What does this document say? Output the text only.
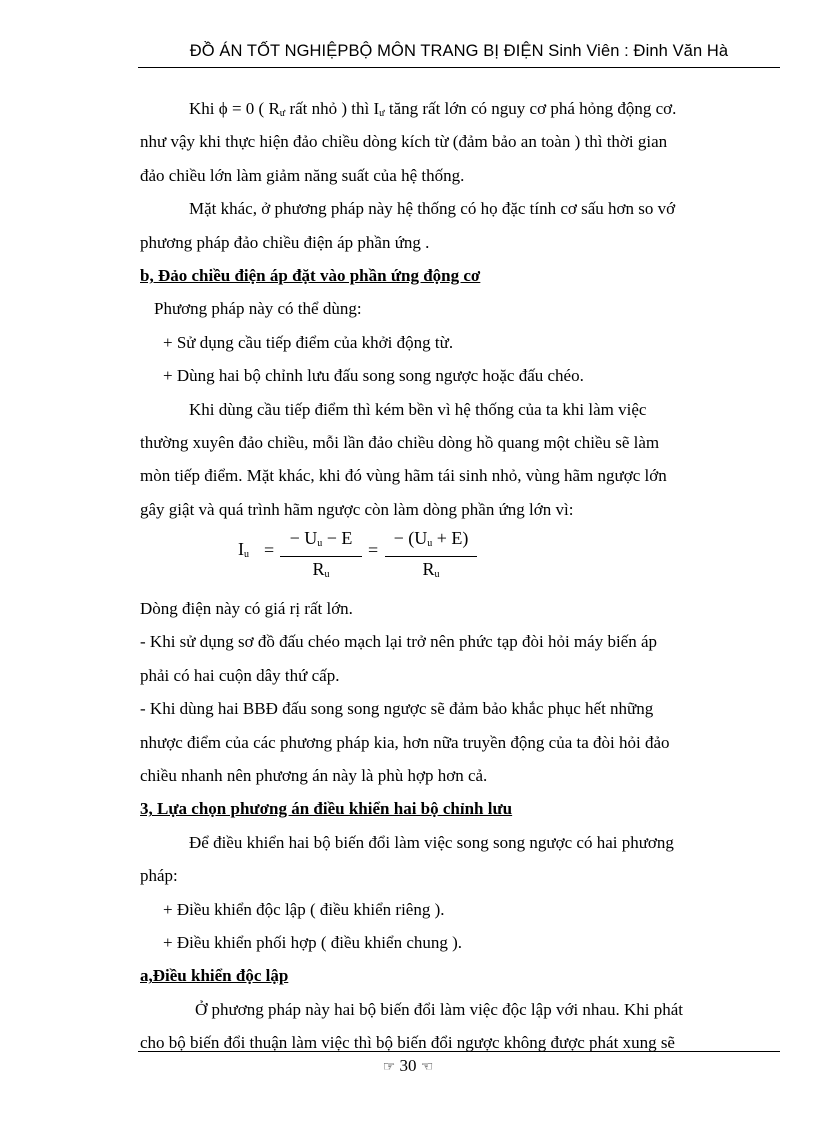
ĐỒ ÁN TỐT NGHIỆPBỘ MÔN TRANG BỊ ĐIỆN Sinh Viên : Đinh Văn Hà
Khi ϕ = 0 ( $R_ư$ rất nhỏ ) thì $I_ư$ tăng rất lớn có nguy cơ phá hỏng động cơ.
như vậy khi thực hiện đảo chiều dòng kích từ (đảm bảo an toàn ) thì thời gian
đảo chiều lớn làm giảm năng suất của hệ thống.
Mặt khác, ở phương pháp này hệ thống có họ đặc tính cơ sấu hơn so vớ
phương pháp đảo chiều điện áp phần ứng .
b, Đảo chiều điện áp đặt vào phần ứng động cơ
Phương pháp này có thể dùng:
+ Sử dụng cầu tiếp điểm của khởi động từ.
+ Dùng hai bộ chỉnh lưu đấu song song ngược hoặc đấu chéo.
Khi dùng cầu tiếp điểm thì kém bền vì hệ thống của ta khi làm việc
thường xuyên đảo chiều, mỗi lần đảo chiều dòng hồ quang một chiều sẽ làm
mòn tiếp điểm. Mặt khác, khi đó vùng hãm tái sinh nhỏ, vùng hãm ngược lớn
gây giật và quá trình hãm ngược còn làm dòng phần ứng lớn vì:
$I_u$ =
− $U_u - E$
$R_u$
=
− $(U_u + E)$
$R_u$
Dòng điện này có giá rị rất lớn.
- Khi sử dụng sơ đồ đấu chéo mạch lại trở nên phức tạp đòi hỏi máy biến áp
phải có hai cuộn dây thứ cấp.
- Khi dùng hai BBĐ đấu song song ngược sẽ đảm bảo khắc phục hết những
nhược điểm của các phương pháp kia, hơn nữa truyền động của ta đòi hỏi đảo
chiều nhanh nên phương án này là phù hợp hơn cả.
3, Lựa chọn phương án điều khiển hai bộ chỉnh lưu
Để điều khiển hai bộ biến đổi làm việc song song ngược có hai phương
pháp:
+ Điều khiển độc lập ( điều khiển riêng ).
+ Điều khiển phối hợp ( điều khiển chung ).
a,Điều khiển độc lập
Ở phương pháp này hai bộ biến đổi làm việc độc lập với nhau. Khi phát
cho bộ biến đổi thuận làm việc thì bộ biến đổi ngược không được phát xung sẽ
☞ 30 ☜
